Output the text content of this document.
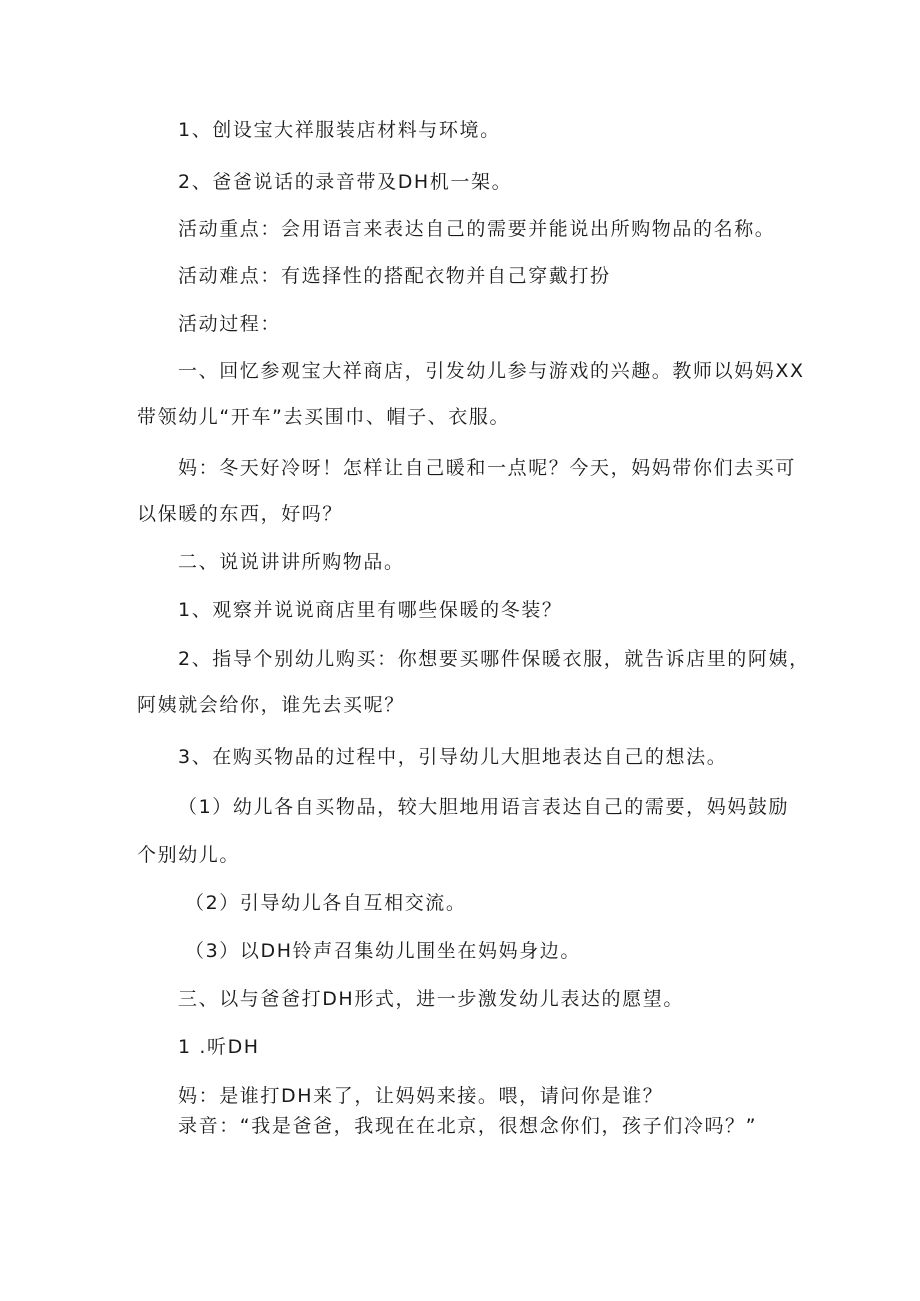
1、创设宝大祥服装店材料与环境。
2、爸爸说话的录音带及DH机一架。
活动重点：会用语言来表达自己的需要并能说出所购物品的名称。
活动难点：有选择性的搭配衣物并自己穿戴打扮
活动过程：
一、回忆参观宝大祥商店，引发幼儿参与游戏的兴趣。教师以妈妈XX
带领幼儿“开车”去买围巾、帽子、衣服。
妈：冬天好冷呀！怎样让自己暖和一点呢？今天，妈妈带你们去买可
以保暖的东西，好吗？
二、说说讲讲所购物品。
1、观察并说说商店里有哪些保暖的冬装？
2、指导个别幼儿购买：你想要买哪件保暖衣服，就告诉店里的阿姨，
阿姨就会给你，谁先去买呢？
3、在购买物品的过程中，引导幼儿大胆地表达自己的想法。
（1）幼儿各自买物品，较大胆地用语言表达自己的需要，妈妈鼓励
个别幼儿。
（2）引导幼儿各自互相交流。
（3）以DH铃声召集幼儿围坐在妈妈身边。
三、以与爸爸打DH形式，进一步激发幼儿表达的愿望。
1 .听DH
妈：是谁打DH来了，让妈妈来接。喂，请问你是谁？
录音：“我是爸爸，我现在在北京，很想念你们，孩子们冷吗？”
